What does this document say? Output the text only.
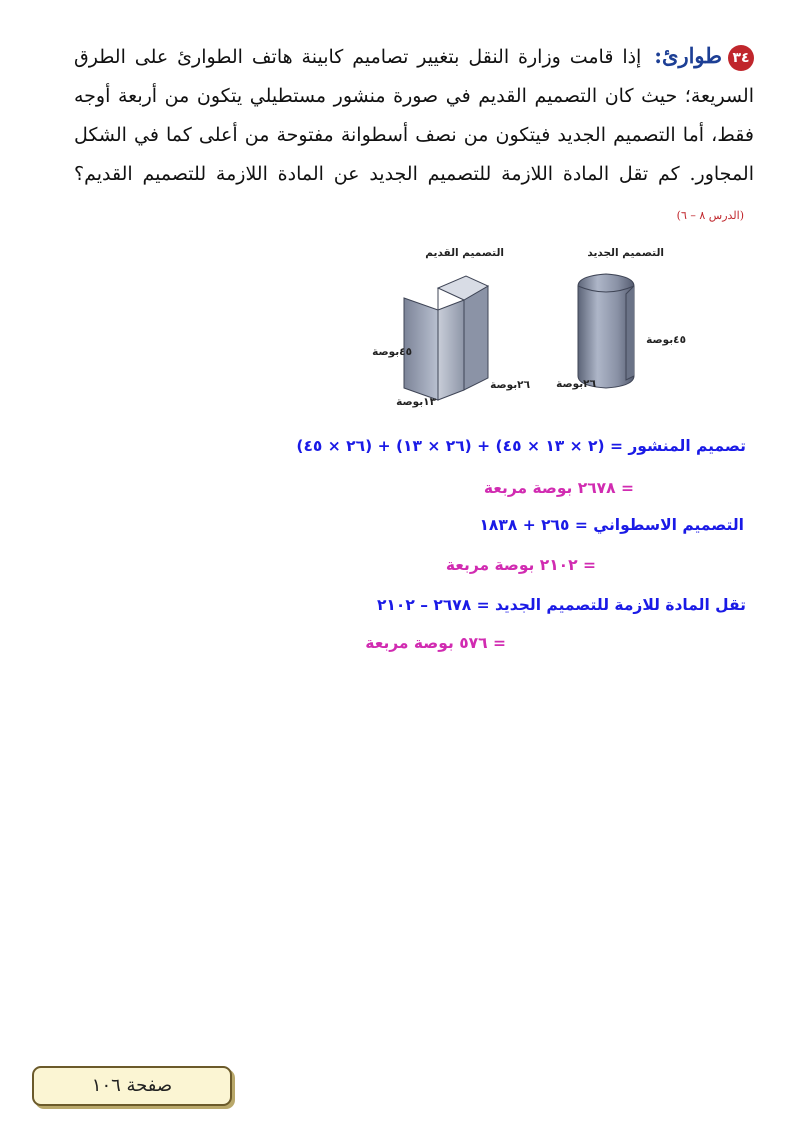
٣٤طوارئ: إذا قامت وزارة النقل بتغيير تصاميم كابينة هاتف الطوارئ على الطرق السريعة؛ حيث كان التصميم القديم في صورة منشور مستطيلي يتكون من أربعة أوجه فقط، أما التصميم الجديد فيتكون من نصف أسطوانة مفتوحة من أعلى كما في الشكل المجاور. كم تقل المادة اللازمة للتصميم الجديد عن المادة اللازمة للتصميم القديم؟ (الدرس ٨ – ٦)
التصميم الجديد
التصميم القديم
٤٥بوصة
٢٦بوصة
٤٥بوصة
٢٦بوصة
١٣بوصة
تصميم المنشور = (٢ × ١٣ × ٤٥) + (٢٦ × ١٣) + (٢٦ × ٤٥)
= ٢٦٧٨ بوصة مربعة
التصميم الاسطواني = ٢٦٥ + ١٨٣٨
= ٢١٠٢ بوصة مربعة
تقل المادة للازمة للتصميم الجديد = ٢٦٧٨ – ٢١٠٢
= ٥٧٦ بوصة مربعة
صفحة ١٠٦
